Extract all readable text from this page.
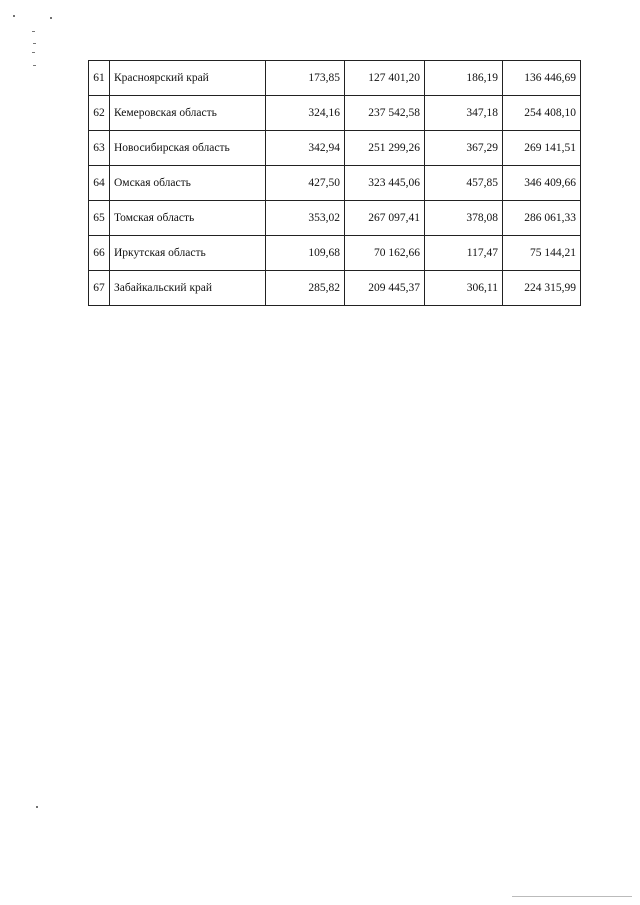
61	Красноярский край	173,85	127 401,20	186,19	136 446,69
62	Кемеровская область	324,16	237 542,58	347,18	254 408,10
63	Новосибирская область	342,94	251 299,26	367,29	269 141,51
64	Омская область	427,50	323 445,06	457,85	346 409,66
65	Томская область	353,02	267 097,41	378,08	286 061,33
66	Иркутская область	109,68	70 162,66	117,47	75 144,21
67	Забайкальский край	285,82	209 445,37	306,11	224 315,99
